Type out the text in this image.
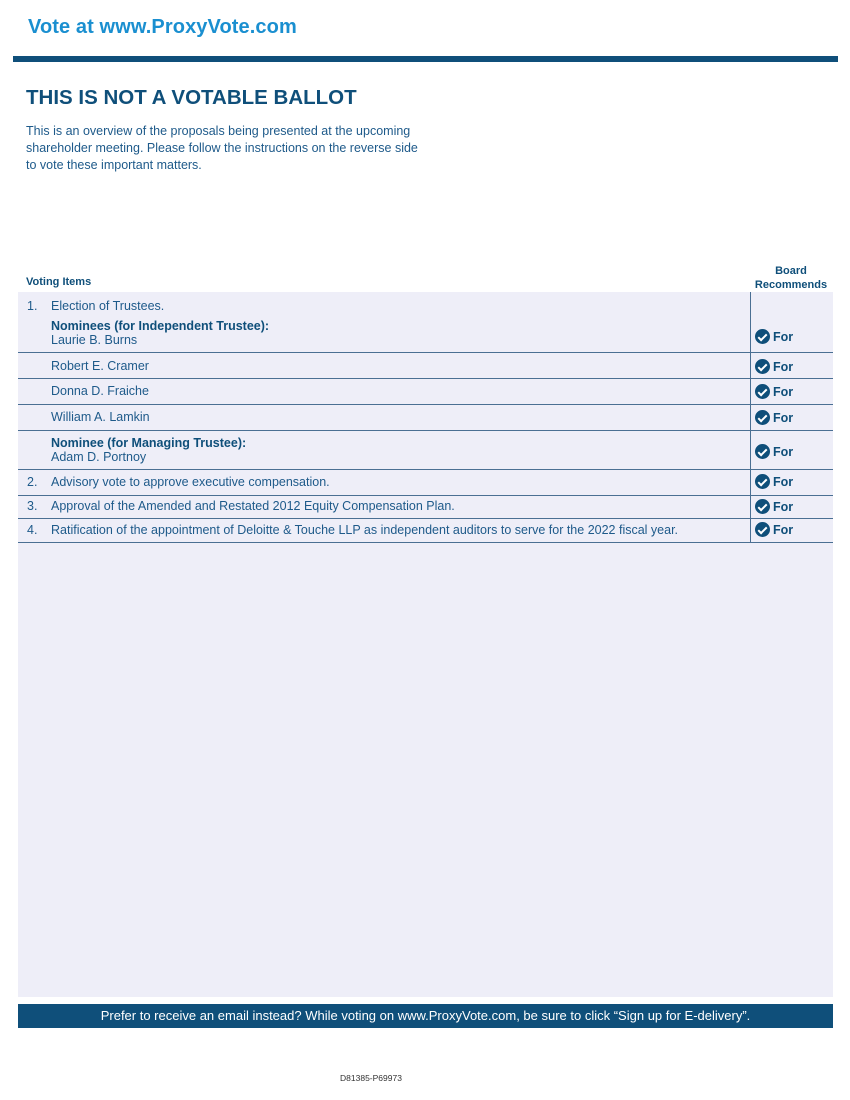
Vote at www.ProxyVote.com
THIS IS NOT A VOTABLE BALLOT

This is an overview of the proposals being presented at the upcoming shareholder meeting. Please follow the instructions on the reverse side to vote these important matters.

Voting Items
Board Recommends
1. Election of Trustees.
Nominees (for Independent Trustee):
Laurie B. Burns	For
Robert E. Cramer	For
Donna D. Fraiche	For
William A. Lamkin	For
Nominee (for Managing Trustee):
Adam D. Portnoy	For
2. Advisory vote to approve executive compensation.	For
3. Approval of the Amended and Restated 2012 Equity Compensation Plan.	For
4. Ratification of the appointment of Deloitte & Touche LLP as independent auditors to serve for the 2022 fiscal year.	For
Prefer to receive an email instead? While voting on www.ProxyVote.com, be sure to click “Sign up for E-delivery”.
D81385-P69973
